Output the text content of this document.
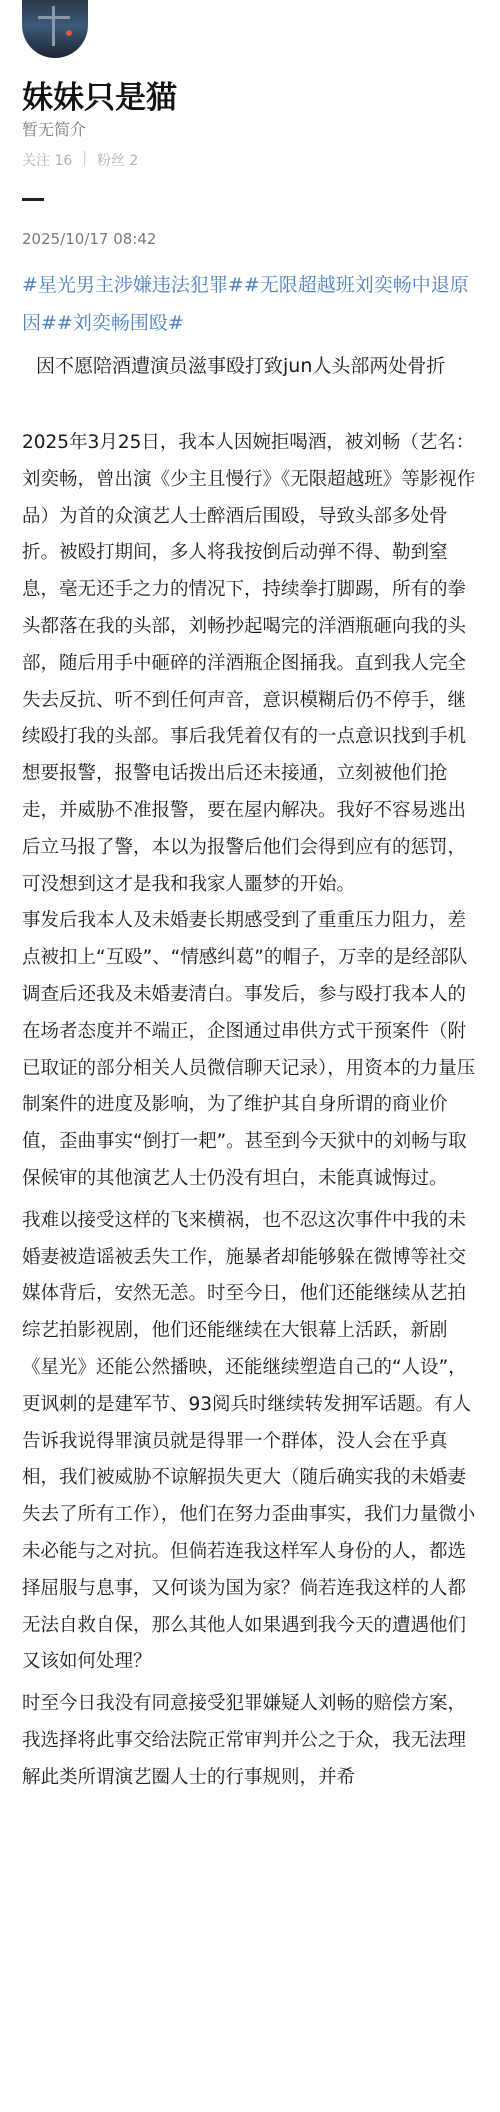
妹妹只是猫
暂无简介
关注 16 | 粉丝 2
2025/10/17 08:42
#星光男主涉嫌违法犯罪##无限超越班刘奕畅中退原因##刘奕畅围殴#
因不愿陪酒遭演员滋事殴打致jun人头部两处骨折

2025年3月25日，我本人因婉拒喝酒，被刘畅（艺名：刘奕畅，曾出演《少主且慢行》《无限超越班》等影视作品）为首的众演艺人士醉酒后围殴，导致头部多处骨折。被殴打期间，多人将我按倒后动弹不得、勒到窒息，毫无还手之力的情况下，持续拳打脚踢，所有的拳头都落在我的头部，刘畅抄起喝完的洋酒瓶砸向我的头部，随后用手中砸碎的洋酒瓶企图捅我。直到我人完全失去反抗、听不到任何声音，意识模糊后仍不停手，继续殴打我的头部。事后我凭着仅有的一点意识找到手机想要报警，报警电话拨出后还未接通，立刻被他们抢走，并威胁不准报警，要在屋内解决。我好不容易逃出后立马报了警，本以为报警后他们会得到应有的惩罚，可没想到这才是我和我家人噩梦的开始。

事发后我本人及未婚妻长期感受到了重重压力阻力，差点被扣上“互殴”、“情感纠葛”的帽子，万幸的是经部队调查后还我及未婚妻清白。事发后，参与殴打我本人的在场者态度并不端正，企图通过串供方式干预案件（附已取证的部分相关人员微信聊天记录），用资本的力量压制案件的进度及影响，为了维护其自身所谓的商业价值，歪曲事实“倒打一耙”。甚至到今天狱中的刘畅与取保候审的其他演艺人士仍没有坦白，未能真诚悔过。

我难以接受这样的飞来横祸，也不忍这次事件中我的未婚妻被造谣被丢失工作，施暴者却能够躲在微博等社交媒体背后，安然无恙。时至今日，他们还能继续从艺拍综艺拍影视剧，他们还能继续在大银幕上活跃，新剧《星光》还能公然播映，还能继续塑造自己的“人设”，更讽刺的是建军节、93阅兵时继续转发拥军话题。有人告诉我说得罪演员就是得罪一个群体，没人会在乎真相，我们被威胁不谅解损失更大（随后确实我的未婚妻失去了所有工作），他们在努力歪曲事实，我们力量微小未必能与之对抗。但倘若连我这样军人身份的人，都选择屈服与息事，又何谈为国为家？倘若连我这样的人都无法自救自保，那么其他人如果遇到我今天的遭遇他们又该如何处理？

时至今日我没有同意接受犯罪嫌疑人刘畅的赔偿方案，我选择将此事交给法院正常审判并公之于众，我无法理解此类所谓演艺圈人士的行事规则，并希
